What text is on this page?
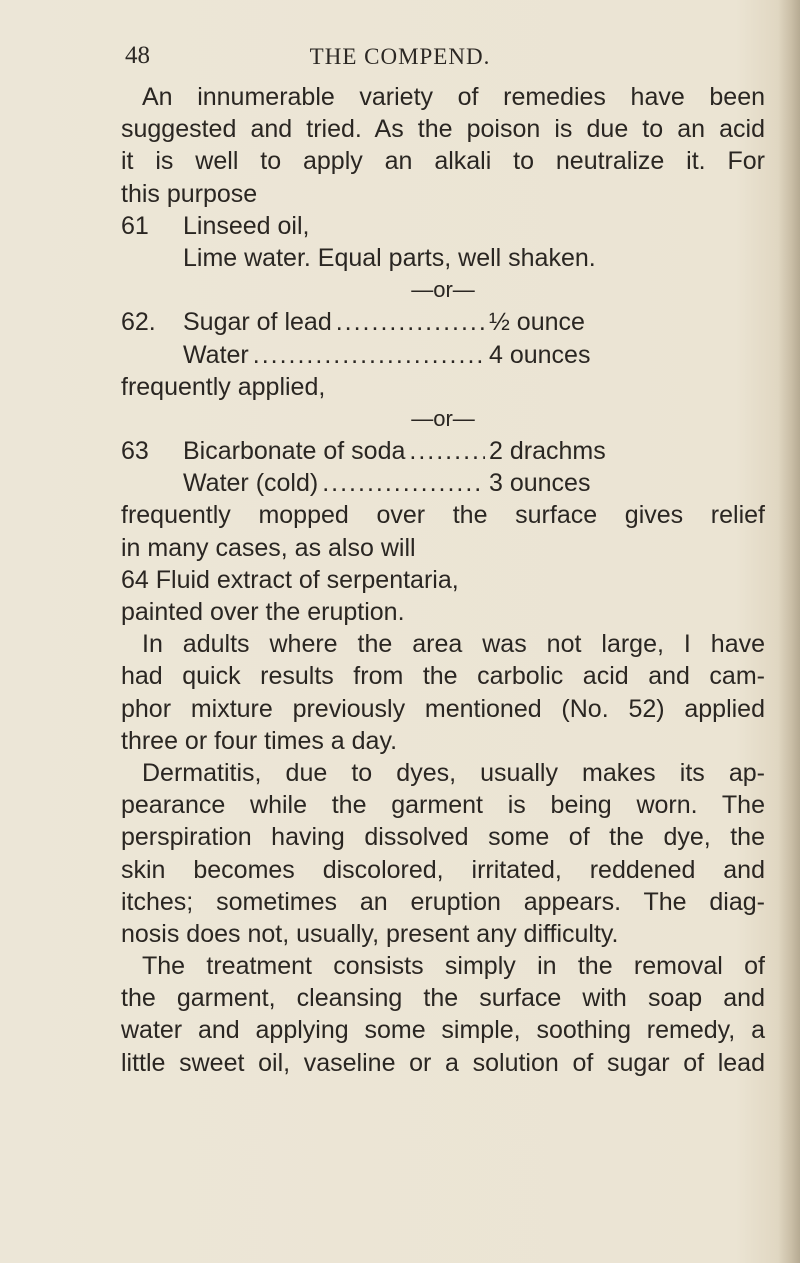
48	THE COMPEND.
An innumerable variety of remedies have been
suggested and tried. As the poison is due to an acid
it is well to apply an alkali to neutralize it. For
this purpose
61 Linseed oil,
Lime water. Equal parts, well shaken.
—or—
62.	Sugar of lead .....	½ ounce
Water .....	4 ounces
frequently applied,
—or—
63	Bicarbonate of soda .....	2 drachms
Water (cold) .....	3 ounces
frequently mopped over the surface gives relief
in many cases, as also will
64 Fluid extract of serpentaria,
painted over the eruption.
In adults where the area was not large, I have
had quick results from the carbolic acid and cam-
phor mixture previously mentioned (No. 52) applied
three or four times a day.
Dermatitis, due to dyes, usually makes its ap-
pearance while the garment is being worn. The
perspiration having dissolved some of the dye, the
skin becomes discolored, irritated, reddened and
itches; sometimes an eruption appears. The diag-
nosis does not, usually, present any difficulty.
The treatment consists simply in the removal of
the garment, cleansing the surface with soap and
water and applying some simple, soothing remedy, a
little sweet oil, vaseline or a solution of sugar of lead
